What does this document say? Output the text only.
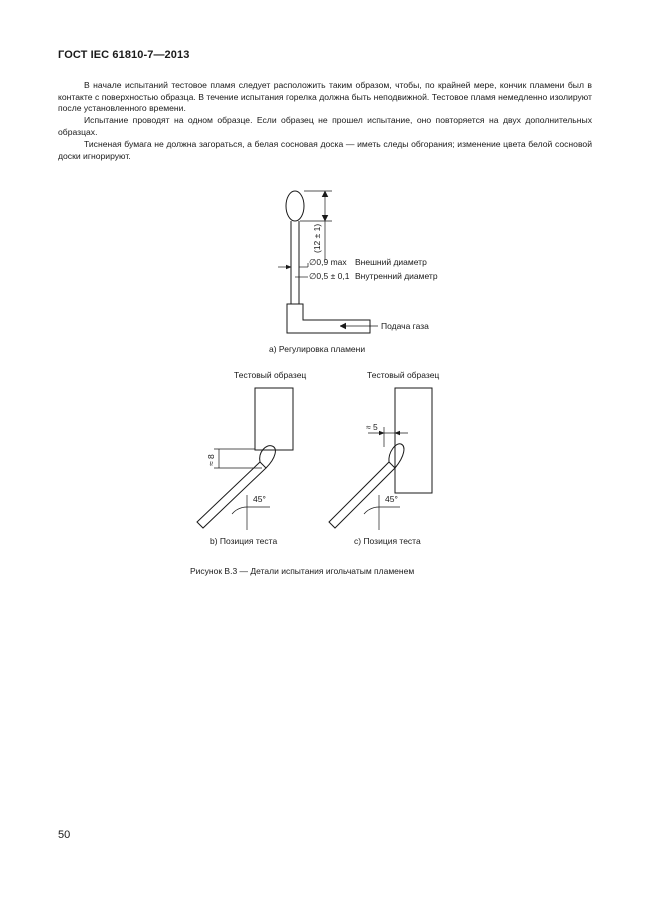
ГОСТ IEC 61810-7—2013

В начале испытаний тестовое пламя следует расположить таким образом, чтобы, по крайней мере, кончик пламени был в контакте с поверхностью образца. В течение испытания горелка должна быть неподвижной. Тестовое пламя немедленно изолируют после установленного времени.

Испытание проводят на одном образце. Если образец не прошел испытание, оно повторяется на двух дополнительных образцах.

Тисненая бумага не должна загораться, а белая сосновая доска — иметь следы обгорания; изменение цвета белой сосновой доски игнорируют.

(12 ± 1)
∅0,9 max Внешний диаметр
∅0,5 ± 0,1 Внутренний диаметр
Подача газа
a) Регулировка пламени
Тестовый образец
≈ 8
45°
b) Позиция теста
Тестовый образец
≈ 5
45°
c) Позиция теста
Рисунок В.3 — Детали испытания игольчатым пламенем
50
